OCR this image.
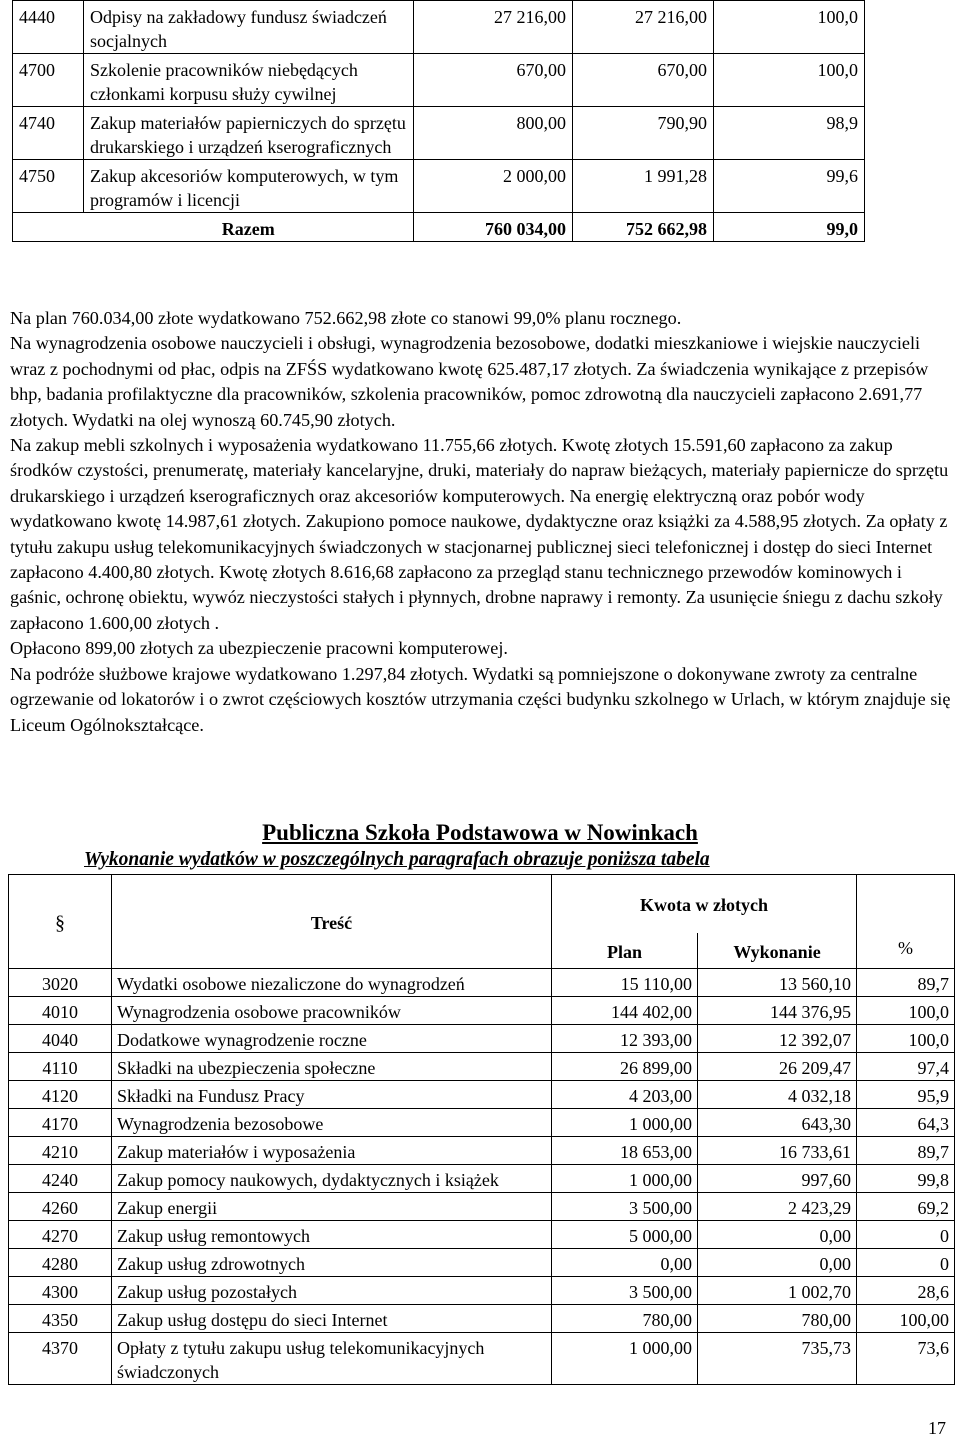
4440	Odpisy na zakładowy fundusz świadczeń socjalnych	27 216,00	27 216,00	100,0
4700	Szkolenie pracowników niebędących członkami korpusu służy cywilnej	670,00	670,00	100,0
4740	Zakup materiałów papierniczych do sprzętu drukarskiego i urządzeń kserograficznych	800,00	790,90	98,9
4750	Zakup akcesoriów komputerowych, w tym programów i licencji	2 000,00	1 991,28	99,6
	Razem	760 034,00	752 662,98	99,0

Na plan 760.034,00 złote wydatkowano 752.662,98 złote co stanowi 99,0% planu rocznego.

Na wynagrodzenia osobowe nauczycieli i obsługi, wynagrodzenia bezosobowe, dodatki mieszkaniowe i wiejskie nauczycieli wraz z pochodnymi od płac, odpis na ZFŚS wydatkowano kwotę 625.487,17 złotych. Za świadczenia wynikające z przepisów bhp, badania profilaktyczne dla pracowników, szkolenia pracowników, pomoc zdrowotną dla nauczycieli zapłacono 2.691,77 złotych. Wydatki na olej wynoszą 60.745,90 złotych.

Na zakup mebli szkolnych i wyposażenia wydatkowano 11.755,66 złotych. Kwotę złotych 15.591,60 zapłacono za zakup środków czystości, prenumeratę, materiały kancelaryjne, druki, materiały do napraw bieżących, materiały papiernicze do sprzętu drukarskiego i urządzeń kserograficznych oraz akcesoriów komputerowych. Na energię elektryczną oraz pobór wody wydatkowano kwotę 14.987,61 złotych. Zakupiono pomoce naukowe, dydaktyczne oraz książki za 4.588,95 złotych. Za opłaty z tytułu zakupu usług telekomunikacyjnych świadczonych w stacjonarnej publicznej sieci telefonicznej i dostęp do sieci Internet zapłacono 4.400,80 złotych. Kwotę złotych 8.616,68 zapłacono za przegląd stanu technicznego przewodów kominowych i gaśnic, ochronę obiektu, wywóz nieczystości stałych i płynnych, drobne naprawy i remonty. Za usunięcie śniegu z dachu szkoły zapłacono 1.600,00 złotych .

Opłacono 899,00 złotych za ubezpieczenie pracowni komputerowej.

Na podróże służbowe krajowe wydatkowano 1.297,84 złotych. Wydatki są pomniejszone o dokonywane zwroty za centralne ogrzewanie od lokatorów i o zwrot częściowych kosztów utrzymania części budynku szkolnego w Urlach, w którym znajduje się Liceum Ogólnokształcące.

Publiczna Szkoła Podstawowa w Nowinkach
Wykonanie wydatków w poszczególnych paragrafach obrazuje poniższa tabela
§	Treść	Kwota w złotych		%
		Plan	Wykonanie	
3020	Wydatki osobowe niezaliczone do wynagrodzeń	15 110,00	13 560,10	89,7
4010	Wynagrodzenia osobowe pracowników	144 402,00	144 376,95	100,0
4040	Dodatkowe wynagrodzenie roczne	12 393,00	12 392,07	100,0
4110	Składki na ubezpieczenia społeczne	26 899,00	26 209,47	97,4
4120	Składki na Fundusz Pracy	4 203,00	4 032,18	95,9
4170	Wynagrodzenia bezosobowe	1 000,00	643,30	64,3
4210	Zakup materiałów i wyposażenia	18 653,00	16 733,61	89,7
4240	Zakup pomocy naukowych, dydaktycznych i książek	1 000,00	997,60	99,8
4260	Zakup energii	3 500,00	2 423,29	69,2
4270	Zakup usług remontowych	5 000,00	0,00	0
4280	Zakup usług zdrowotnych	0,00	0,00	0
4300	Zakup usług pozostałych	3 500,00	1 002,70	28,6
4350	Zakup usług dostępu do sieci Internet	780,00	780,00	100,00
4370	Opłaty z tytułu zakupu usług telekomunikacyjnych świadczonych	1 000,00	735,73	73,6
17
